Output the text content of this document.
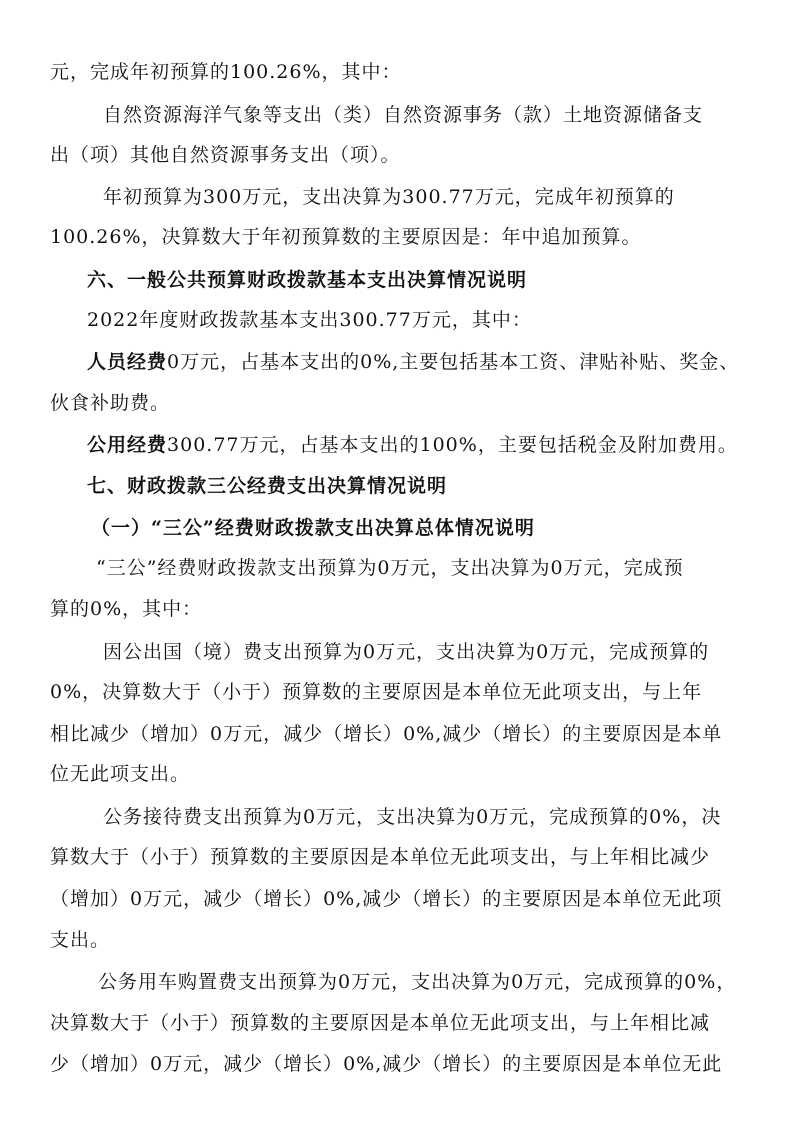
元，完成年初预算的100.26%，其中：
自然资源海洋气象等支出（类）自然资源事务（款）土地资源储备支
出（项）其他自然资源事务支出（项）。
年初预算为300万元，支出决算为300.77万元，完成年初预算的
100.26%，决算数大于年初预算数的主要原因是：年中追加预算。
六、一般公共预算财政拨款基本支出决算情况说明
2022年度财政拨款基本支出300.77万元，其中：
人员经费0万元，占基本支出的0%,主要包括基本工资、津贴补贴、奖金、
伙食补助费。
公用经费300.77万元，占基本支出的100%，主要包括税金及附加费用。
七、财政拨款三公经费支出决算情况说明
（一）“三公”经费财政拨款支出决算总体情况说明
“三公”经费财政拨款支出预算为0万元，支出决算为0万元，完成预
算的0%，其中：
因公出国（境）费支出预算为0万元，支出决算为0万元，完成预算的
0%，决算数大于（小于）预算数的主要原因是本单位无此项支出，与上年
相比减少（增加）0万元，减少（增长）0%,减少（增长）的主要原因是本单
位无此项支出。
公务接待费支出预算为0万元，支出决算为0万元，完成预算的0%，决
算数大于（小于）预算数的主要原因是本单位无此项支出，与上年相比减少
（增加）0万元，减少（增长）0%,减少（增长）的主要原因是本单位无此项
支出。
公务用车购置费支出预算为0万元，支出决算为0万元，完成预算的0%，
决算数大于（小于）预算数的主要原因是本单位无此项支出，与上年相比减
少（增加）0万元，减少（增长）0%,减少（增长）的主要原因是本单位无此
